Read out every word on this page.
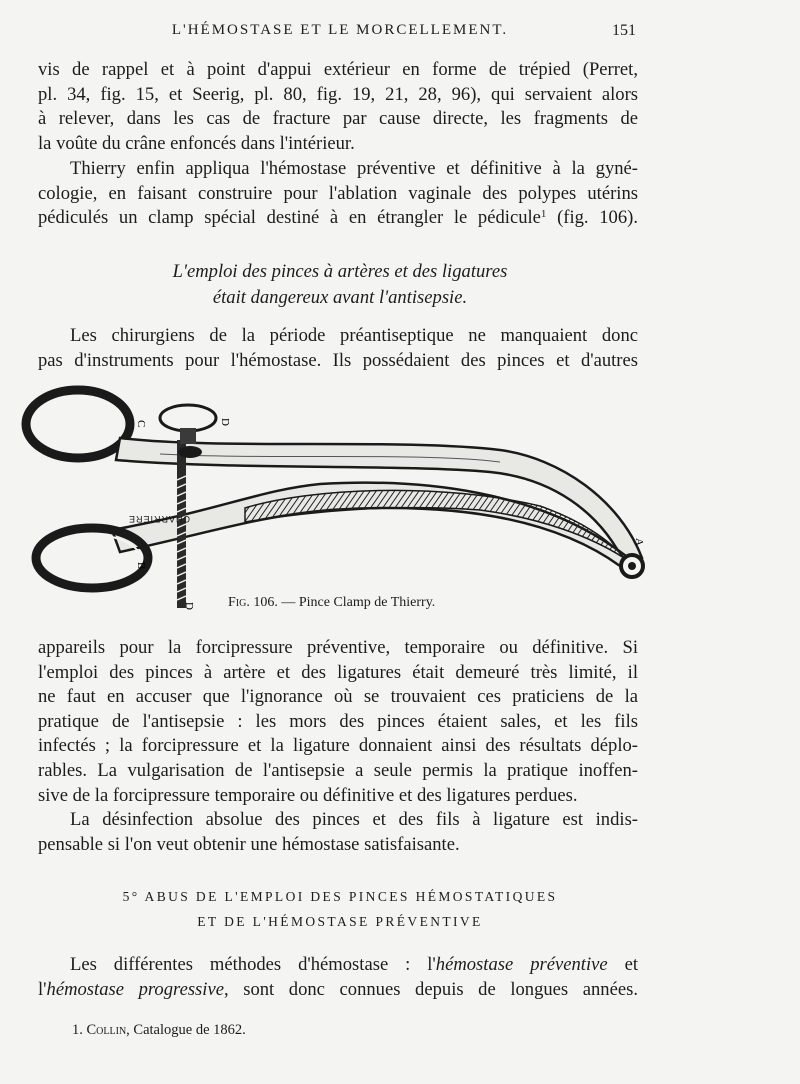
L'HÉMOSTASE ET LE MORCELLEMENT.	151
vis de rappel et à point d'appui extérieur en forme de trépied (Perret,
pl. 34, fig. 15, et Seerig, pl. 80, fig. 19, 21, 28, 96), qui servaient alors
à relever, dans les cas de fracture par cause directe, les fragments de
la voûte du crâne enfoncés dans l'intérieur.
Thierry enfin appliqua l'hémostase préventive et définitive à la gyné-
cologie, en faisant construire pour l'ablation vaginale des polypes utérins
pédiculés un clamp spécial destiné à en étrangler le pédicule$^1$ (fig. 106).
L'emploi des pinces à artères et des ligatures
était dangereux avant l'antisepsie.
Les chirurgiens de la période préantiseptique ne manquaient donc
pas d'instruments pour l'hémostase. Ils possédaient des pinces et d'autres
CHARRIERE
C	D
A
B
D Fig. 106. — Pince Clamp de Thierry.
appareils pour la forcipressure préventive, temporaire ou définitive. Si
l'emploi des pinces à artère et des ligatures était demeuré très limité, il
ne faut en accuser que l'ignorance où se trouvaient ces praticiens de la
pratique de l'antisepsie : les mors des pinces étaient sales, et les fils
infectés ; la forcipressure et la ligature donnaient ainsi des résultats déplo-
rables. La vulgarisation de l'antisepsie a seule permis la pratique inoffen-
sive de la forcipressure temporaire ou définitive et des ligatures perdues.
La désinfection absolue des pinces et des fils à ligature est indis-
pensable si l'on veut obtenir une hémostase satisfaisante.
5° ABUS DE L'EMPLOI DES PINCES HÉMOSTATIQUES
ET DE L'HÉMOSTASE PRÉVENTIVE
Les différentes méthodes d'hémostase : l'hémostase préventive et
l'hémostase progressive, sont donc connues depuis de longues années.
1. Collin, Catalogue de 1862.
